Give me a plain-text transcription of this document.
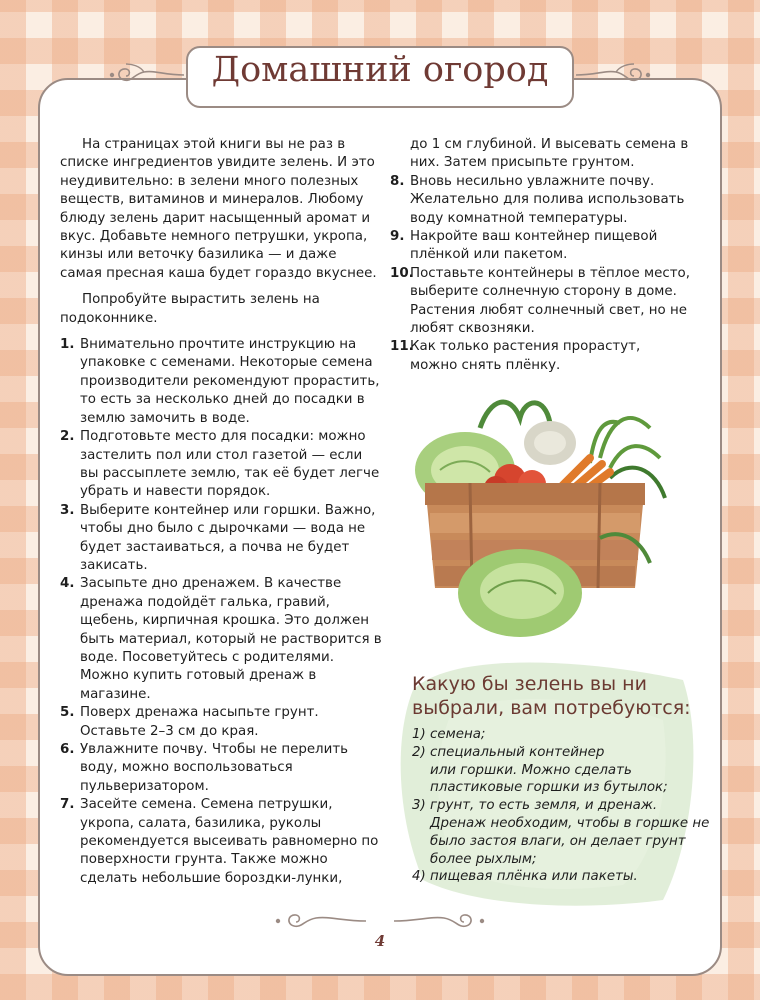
Домашний огород

На страницах этой книги вы не раз в списке ингредиентов увидите зелень. И это неудивительно: в зелени много полезных веществ, витаминов и минералов. Любому блюду зелень дарит насыщенный аромат и вкус. Добавьте немного петрушки, укропа, кинзы или веточку базилика — и даже самая пресная каша будет гораздо вкуснее.

Попробуйте вырастить зелень на подоконнике.

1. Внимательно прочтите инструкцию на упаковке с семенами. Некоторые семена производители рекомендуют прорастить, то есть за несколько дней до посадки в землю замочить в воде.
2. Подготовьте место для посадки: можно застелить пол или стол газетой — если вы рассыплете землю, так её будет легче убрать и навести порядок.
3. Выберите контейнер или горшки. Важно, чтобы дно было с дырочками — вода не будет застаиваться, а почва не будет закисать.
4. Засыпьте дно дренажем. В качестве дренажа подойдёт галька, гравий, щебень, кирпичная крошка. Это должен быть материал, который не растворится в воде. Посоветуйтесь с родителями. Можно купить готовый дренаж в магазине.
5. Поверх дренажа насыпьте грунт. Оставьте 2–3 см до края.
6. Увлажните почву. Чтобы не перелить воду, можно воспользоваться пульверизатором.
7. Засейте семена. Семена петрушки, укропа, салата, базилика, руколы рекомендуется высеивать равномерно по поверхности грунта. Также можно сделать небольшие бороздки-лунки,

до 1 см глубиной. И высевать семена в них. Затем присыпьте грунтом.

8. Вновь несильно увлажните почву. Желательно для полива использовать воду комнатной температуры.
9. Накройте ваш контейнер пищевой плёнкой или пакетом.
10.
Поставьте контейнеры в тёплое место, выберите солнечную сторону в доме. Растения любят солнечный свет, но не любят сквозняки.
11.
Как только растения прорастут, можно снять плёнку.
Какую бы зелень вы ни выбрали, вам потребуются:

1) семена;

2) специальный контейнер

или горшки. Можно сделать пластиковые горшки из бутылок;

3) грунт, то есть земля, и дренаж.

Дренаж необходим, чтобы в горшке не было застоя влаги, он делает грунт более рыхлым;

4) пищевая плёнка или пакеты.

4
